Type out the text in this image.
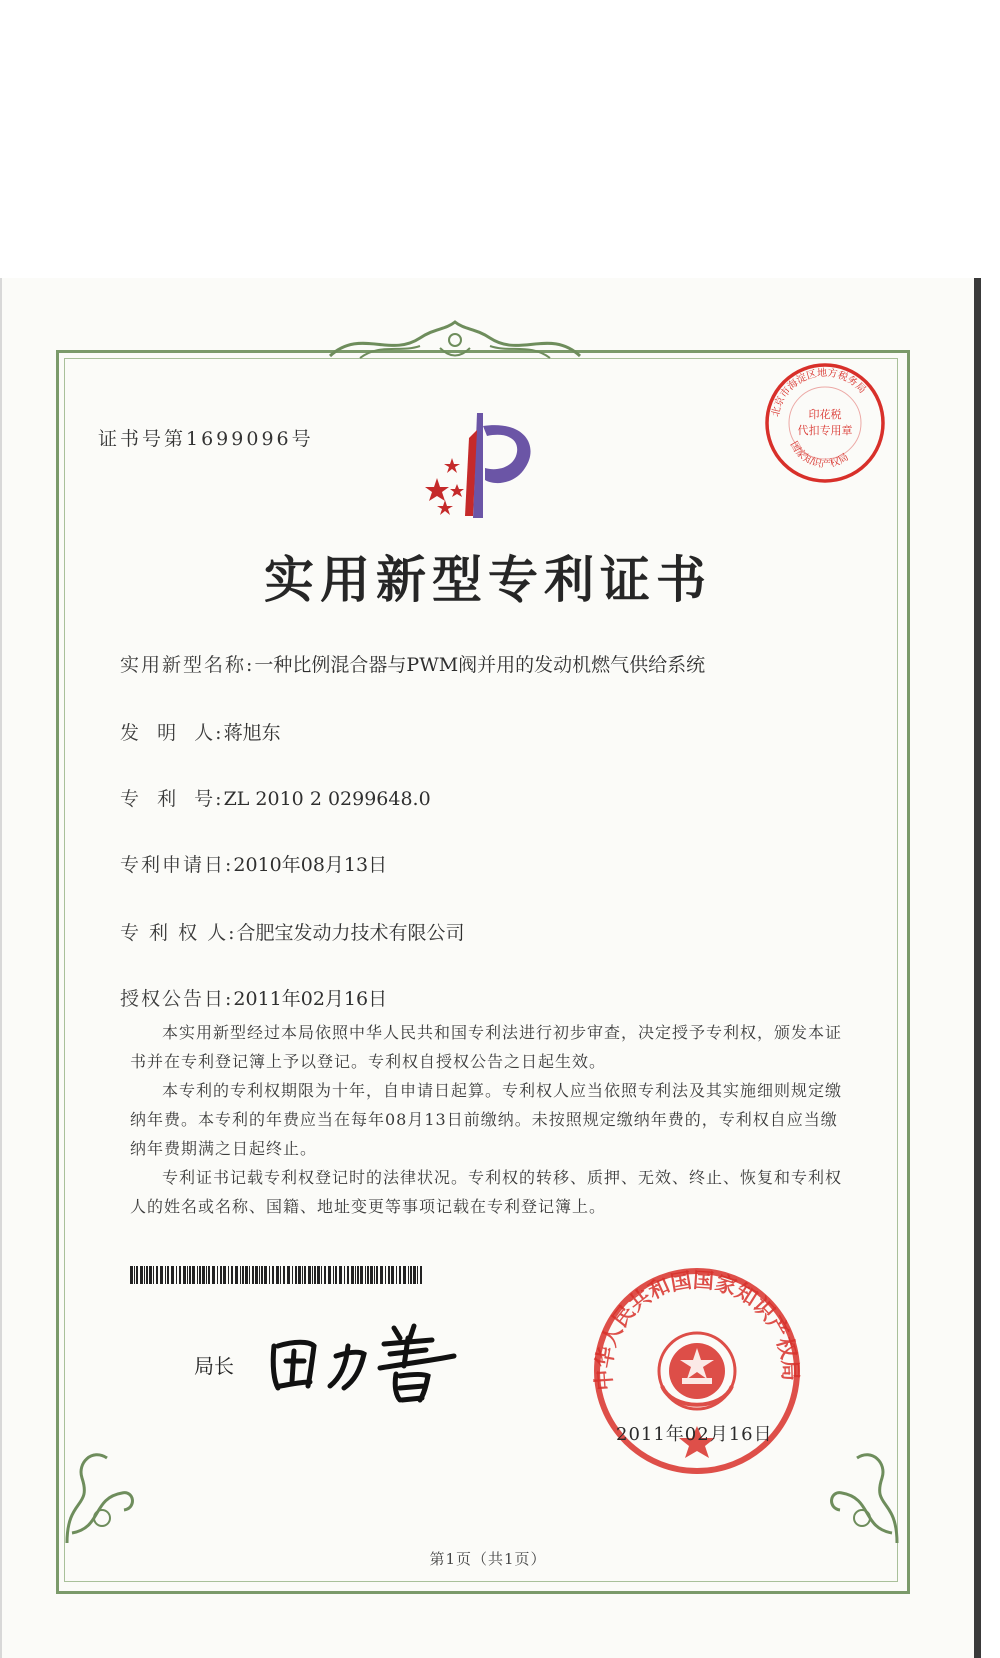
证书号第1699096号
北京市海淀区地方税务局
印花税
代扣专用章
国家知识产权局
实用新型专利证书
实用新型名称:一种比例混合器与PWM阀并用的发动机燃气供给系统
发  明  人:蒋旭东
专  利  号:ZL 2010 2 0299648.0
专利申请日:2010年08月13日
专 利 权 人:合肥宝发动力技术有限公司
授权公告日:2011年02月16日

本实用新型经过本局依照中华人民共和国专利法进行初步审查，决定授予专利权，颁发本证书并在专利登记簿上予以登记。专利权自授权公告之日起生效。

本专利的专利权期限为十年，自申请日起算。专利权人应当依照专利法及其实施细则规定缴纳年费。本专利的年费应当在每年08月13日前缴纳。未按照规定缴纳年费的，专利权自应当缴纳年费期满之日起终止。

专利证书记载专利权登记时的法律状况。专利权的转移、质押、无效、终止、恢复和专利权人的姓名或名称、国籍、地址变更等事项记载在专利登记簿上。

局长
中华人民共和国国家知识产权局
2011年02月16日
第1页（共1页）
